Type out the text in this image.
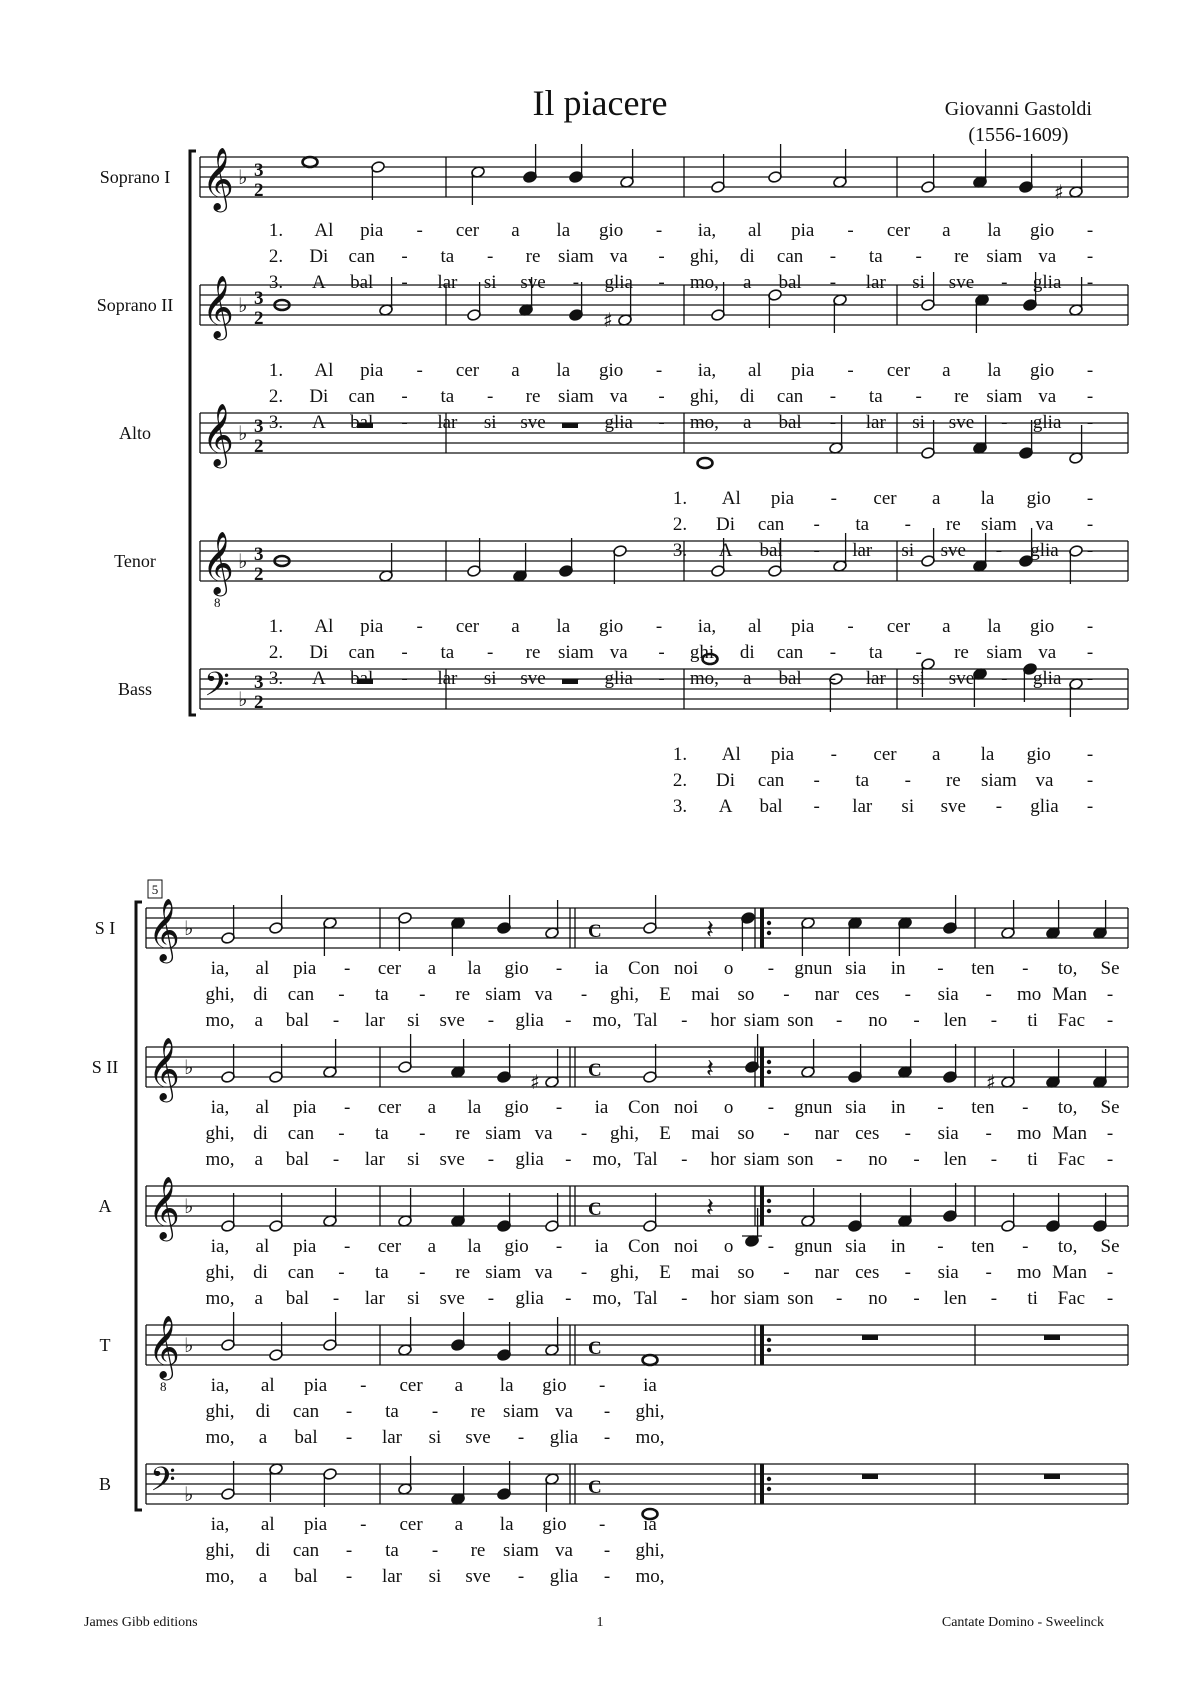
Il piacere	Giovanni Gastoldi
(1556-1609)
Soprano I 𝄞 ♭ 3
2
Soprano II 𝄞 ♭ 3
2
Alto 𝄞 ♭ 3
2
Tenor 𝄞
8
♭ 3
2
Bass 𝄢 ♭
3
2
♯
♯
1. Al pia - cer a la gio - ia, al pia - cer a la gio -
2. Di can - ta - re siam va - ghi, di can - ta - re siam va -
3. A bal - lar si sve - glia - mo, a bal - lar si sve - glia -
1. Al pia - cer a la gio - ia, al pia - cer a la gio -
2. Di can - ta - re siam va - ghi, di can - ta - re siam va -
3. A bal - lar si sve - glia - mo, a bal - lar si sve - glia -
1. Al pia - cer a la gio -
2. Di can - ta - re siam va -
3. A bal - lar si sve - glia -
1. Al pia - cer a la gio - ia, al pia - cer a la gio -
2. Di can - ta - re siam va - ghi, di can - ta - re siam va -
3. A bal - lar si sve - glia - mo, a bal - lar si sve - glia -
1. Al pia - cer a la gio -
2. Di can - ta - re siam va -
3. A bal - lar si sve - glia -
5
S I 𝄞 ♭	C
S II 𝄞 ♭	C
A 𝄞 ♭	C
T 𝄞
8
♭	C
B 𝄢 ♭	C
𝄽
♯	𝄽	♯
𝄽
ia, al pia - cer a la gio - ia Con noi o - gnun sia in - ten - to, Se
ghi, di can - ta - re siam va - ghi, E mai so - nar ces - sia - mo Man -
mo, a bal - lar si sve - glia - mo, Tal - hor siam son - no - len - ti Fac -
ia, al pia - cer a la gio - ia Con noi o - gnun sia in - ten - to, Se
ghi, di can - ta - re siam va - ghi, E mai so - nar ces - sia - mo Man -
mo, a bal - lar si sve - glia - mo, Tal - hor siam son - no - len - ti Fac -
ia, al pia - cer a la gio - ia Con noi o - gnun sia in - ten - to, Se
ghi, di can - ta - re siam va - ghi, E mai so - nar ces - sia - mo Man -
mo, a bal - lar si sve - glia - mo, Tal - hor siam son - no - len - ti Fac -
ia, al pia - cer a la gio - ia
ghi, di can - ta - re siam va - ghi,
mo, a bal - lar si sve - glia - mo,
ia, al pia - cer a la gio - ia
ghi, di can - ta - re siam va - ghi,
mo, a bal - lar si sve - glia - mo,
James Gibb editions	1	Cantate Domino - Sweelinck
